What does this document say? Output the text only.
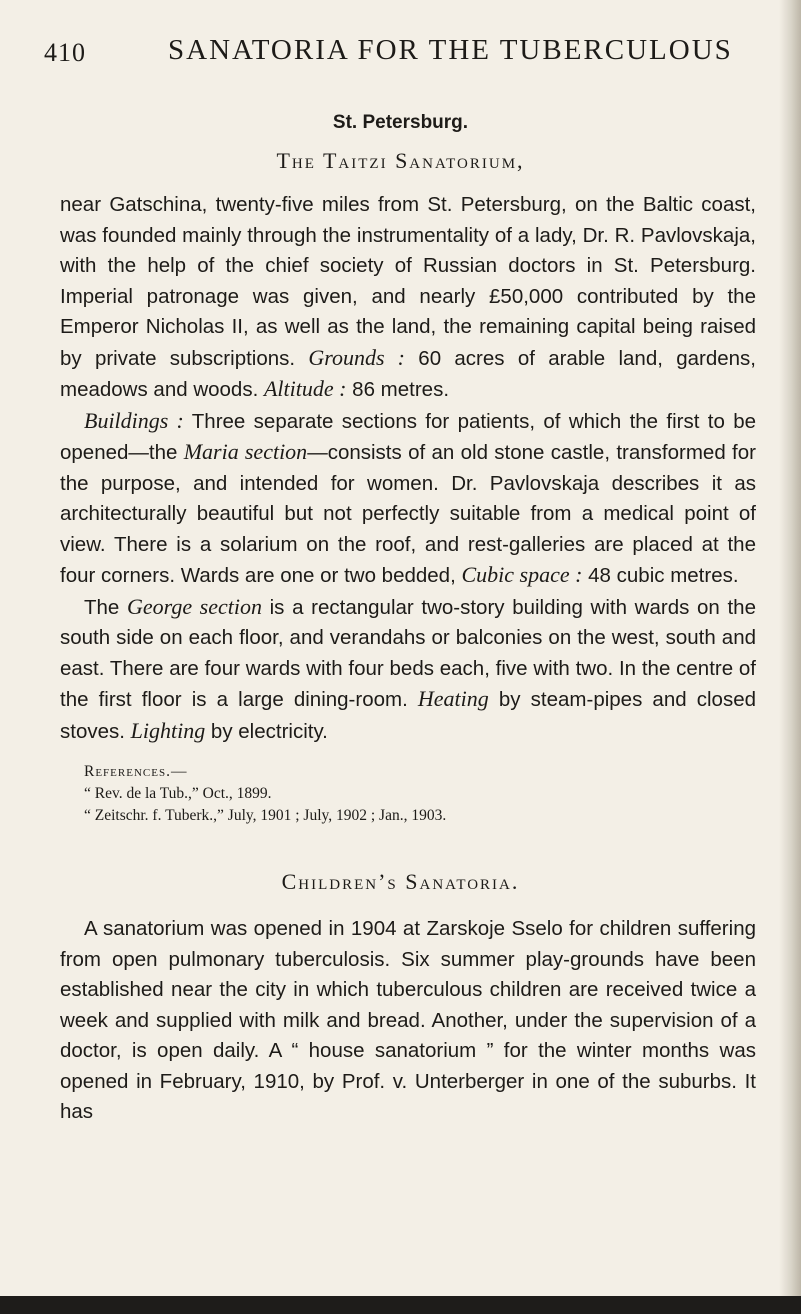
410	SANATORIA FOR THE TUBERCULOUS
St. Petersburg.
The Taitzi Sanatorium,

near Gatschina, twenty-five miles from St. Petersburg, on the Baltic coast, was founded mainly through the instrumentality of a lady, Dr. R. Pavlovskaja, with the help of the chief society of Russian doctors in St. Petersburg. Imperial patronage was given, and nearly £50,000 contributed by the Emperor Nicholas II, as well as the land, the remaining capital being raised by private subscriptions. Grounds : 60 acres of arable land, gardens, meadows and woods. Altitude : 86 metres.

Buildings : Three separate sections for patients, of which the first to be opened—the Maria section—consists of an old stone castle, transformed for the purpose, and intended for women. Dr. Pavlovskaja describes it as architecturally beautiful but not perfectly suitable from a medical point of view. There is a solarium on the roof, and rest-galleries are placed at the four corners. Wards are one or two bedded, Cubic space : 48 cubic metres.

The George section is a rectangular two-story building with wards on the south side on each floor, and verandahs or balconies on the west, south and east. There are four wards with four beds each, five with two. In the centre of the first floor is a large dining-room. Heating by steam-pipes and closed stoves. Lighting by electricity.

References.—
“ Rev. de la Tub.,” Oct., 1899.
“ Zeitschr. f. Tuberk.,” July, 1901 ; July, 1902 ; Jan., 1903.
Children’s Sanatoria.

A sanatorium was opened in 1904 at Zarskoje Sselo for children suffering from open pulmonary tuberculosis. Six summer play-grounds have been established near the city in which tuberculous children are received twice a week and supplied with milk and bread. Another, under the supervision of a doctor, is open daily. A “ house sanatorium ” for the winter months was opened in February, 1910, by Prof. v. Unterberger in one of the suburbs. It has
